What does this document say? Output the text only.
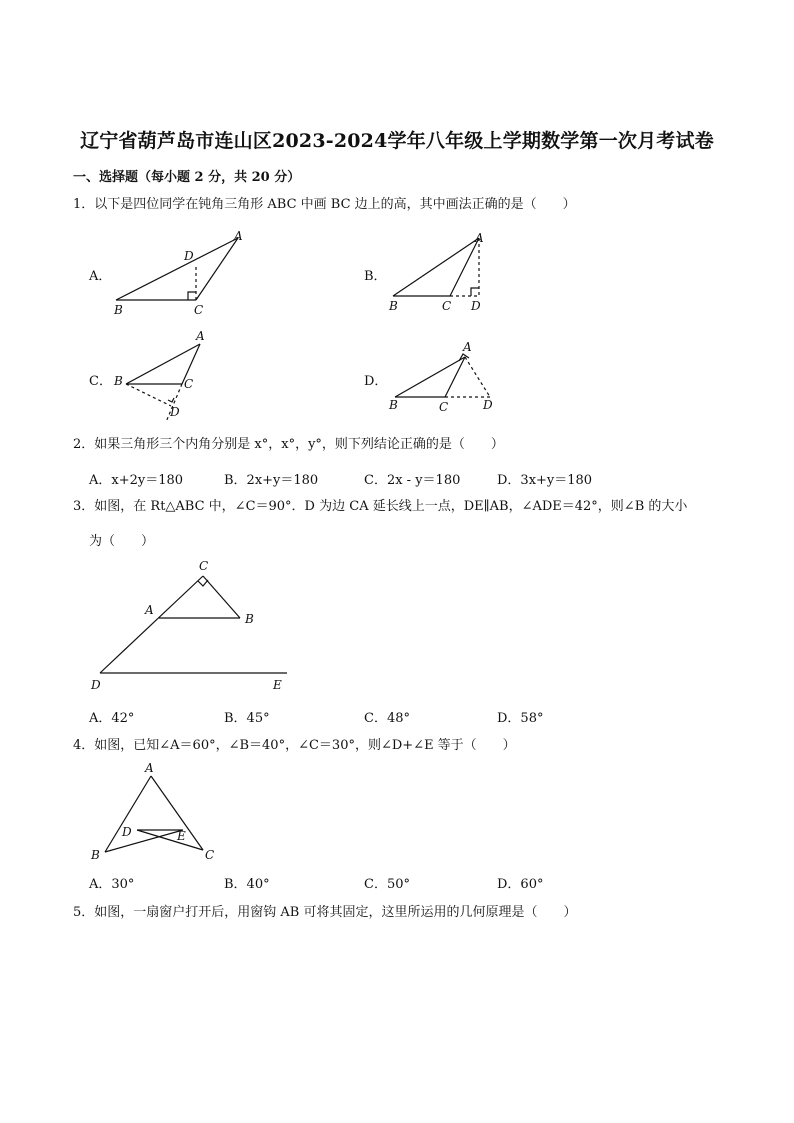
辽宁省葫芦岛市连山区2023-2024学年八年级上学期数学第一次月考试卷
一、选择题（每小题 2 分，共 20 分）
1．以下是四位同学在钝角三角形 ABC 中画 BC 边上的高，其中画法正确的是（　　）
A．
A
D
B	C
B．
A
B	C D
C．
A
B	C
D
D．
A
B	C	D
2．如果三角形三个内角分别是 x°，x°，y°，则下列结论正确的是（　　）
A．x+2y＝180	B．2x+y＝180	C．2x - y＝180	D．3x+y＝180
3．如图，在 Rt△ABC 中，∠C＝90°．D 为边 CA 延长线上一点，DE∥AB，∠ADE＝42°，则∠B 的大小
为（　　）
C
A
B
D	E
A．42°	B．45°	C．48°	D．58°
4．如图，已知∠A＝60°，∠B＝40°，∠C＝30°，则∠D+∠E 等于（　　）
A
B	C
D	E
A．30°	B．40°	C．50°	D．60°
5．如图，一扇窗户打开后，用窗钩 AB 可将其固定，这里所运用的几何原理是（　　）
